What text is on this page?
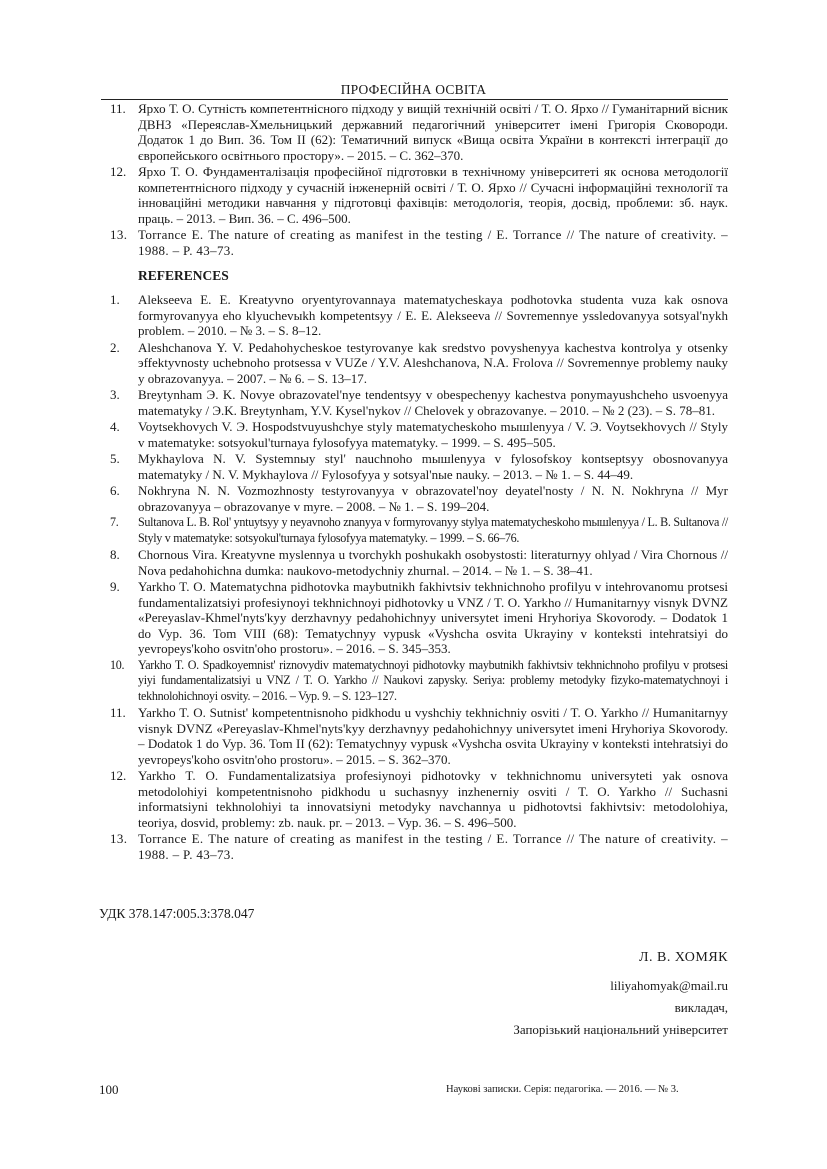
ПРОФЕСІЙНА ОСВІТА
11. Ярхо Т. О. Сутність компетентнісного підходу у вищій технічній освіті / Т. О. Ярхо // Гуманітарний вісник ДВНЗ «Переяслав-Хмельницький державний педагогічний університет імені Григорія Сковороди. Додаток 1 до Вип. 36. Том II (62): Тематичний випуск «Вища освіта України в контексті інтеграції до європейського освітнього простору». – 2015. – С. 362–370.
12. Ярхо Т. О. Фундаменталізація професійної підготовки в технічному університеті як основа методології компетентнісного підходу у сучасній інженерній освіті / Т. О. Ярхо // Сучасні інформаційні технології та інноваційні методики навчання у підготовці фахівців: методологія, теорія, досвід, проблеми: зб. наук. праць. – 2013. – Вип. 36. – С. 496–500.
13. Torrance E. The nature of creating as manifest in the testing / E. Torrance // The nature of creativity. – 1988. – P. 43–73.
REFERENCES
1.	Alekseeva E. E. Kreatyvno oryentyrovannaya matematycheskaya podhotovka studenta vuza kak osnova formyrovanyya eho klyuchevыkh kompetentsyy / E. E. Alekseeva // Sovremennye yssledovanyya sotsyal'nykh problem. – 2010. – № 3. – S. 8–12.
2.	Aleshchanova Y. V. Pedahohycheskoe testyrovanye kak sredstvo povyshenyya kachestva kontrolya y otsenky эffektyvnosty uchebnoho protsessa v VUZe / Y.V. Aleshchanova, N.A. Frolova // Sovremennye problemy nauky y obrazovanyya. – 2007. – № 6. – S. 13–17.
3.	Breytynham Э. K. Novye obrazovatel'nye tendentsyy v obespechenyy kachestva ponymayushcheho usvoenyya matematyky / Э.K. Breytynham, Y.V. Kysel'nykov // Chelovek y obrazovanye. – 2010. – № 2 (23). – S. 78–81.
4.	Voytsekhovych V. Э. Hospodstvuyushchye styly matematycheskoho mышlenyya / V. Э. Voytsekhovych // Styly v matematyke: sotsyokul'turnaya fylosofyya matematyky. – 1999. – S. 495–505.
5.	Mykhaylova N. V. Systemnыy styl' nauchnoho mышlenyya v fylosofskoy kontseptsyy obosnovanyya matematyky / N. V. Mykhaylova // Fylosofyya y sotsyal'nыe nauky. – 2013. – № 1. – S. 44–49.
6.	Nokhryna N. N. Vozmozhnosty testyrovanyya v obrazovatel'noy deyatel'nosty / N. N. Nokhryna // Myr obrazovanyya – obrazovanye v myre. – 2008. – № 1. – S. 199–204.
7.	Sultanova L. B. Rol' yntuytsyy y neyavnoho znanyya v formyrovanyy stylya matematycheskoho mышlenyya / L. B. Sultanova // Styly v matematyke: sotsyokul'turnaya fylosofyya matematyky. – 1999. – S. 66–76.
8.	Chornous Vira. Kreatyvne myslennya u tvorchykh poshukakh osobystosti: literaturnyy ohlyad / Vira Chornous // Nova pedahohichna dumka: naukovo-metodychniy zhurnal. – 2014. – № 1. – S. 38–41.
9.	Yarkho T. O. Matematychna pidhotovka maybutnikh fakhivtsiv tekhnichnoho profilyu v intehrovanomu protsesi fundamentalizatsiyi profesiynoyi tekhnichnoyi pidhotovky u VNZ / T. O. Yarkho // Humanitarnyy visnyk DVNZ «Pereyaslav-Khmel'nyts'kyy derzhavnyy pedahohichnyy universytet imeni Hryhoriya Skovorody. – Dodatok 1 do Vyp. 36. Tom VIII (68): Tematychnyy vypusk «Vyshcha osvita Ukrayiny v konteksti intehratsiyi do yevropeys'koho osvitn'oho prostoru». – 2016. – S. 345–353.
10.	Yarkho T. O. Spadkoyemnist' riznovydiv matematychnoyi pidhotovky maybutnikh fakhivtsiv tekhnichnoho profilyu v protsesi yiyi fundamentalizatsiyi u VNZ / T. O. Yarkho // Naukovi zapysky. Seriya: problemy metodyky fizyko-matematychnoyi i tekhnolohichnoyi osvity. – 2016. – Vyp. 9. – S. 123–127.
11. Yarkho T. O. Sutnist' kompetentnisnoho pidkhodu u vyshchiy tekhnichniy osviti / T. O. Yarkho // Humanitarnyy visnyk DVNZ «Pereyaslav-Khmel'nyts'kyy derzhavnyy pedahohichnyy universytet imeni Hryhoriya Skovorody. – Dodatok 1 do Vyp. 36. Tom II (62): Tematychnyy vypusk «Vyshcha osvita Ukrayiny v konteksti intehratsiyi do yevropeys'koho osvitn'oho prostoru». – 2015. – S. 362–370.
12. Yarkho T. O. Fundamentalizatsiya profesiynoyi pidhotovky v tekhnichnomu universyteti yak osnova metodolohiyi kompetentnisnoho pidkhodu u suchasnyy inzhenerniy osviti / T. O. Yarkho // Suchasni informatsiyni tekhnolohiyi ta innovatsiyni metodyky navchannya u pidhotovtsi fakhivtsiv: metodolohiya, teoriya, dosvid, problemy: zb. nauk. pr. – 2013. – Vyp. 36. – S. 496–500.
13. Torrance E. The nature of creating as manifest in the testing / E. Torrance // The nature of creativity. – 1988. – P. 43–73.
УДК 378.147:005.3:378.047
Л. В. ХОМЯК
liliyahomyak@mail.ru
викладач,
Запорізький національний університет
100	Наукові записки. Серія: педагогіка. — 2016. — № 3.
